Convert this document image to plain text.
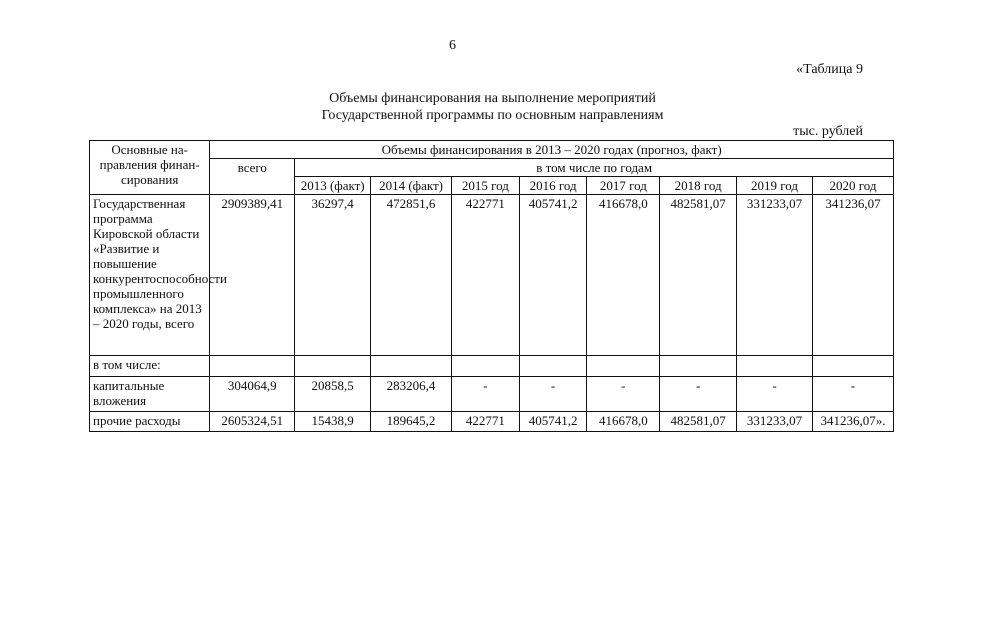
6
«Таблица 9
Объемы финансирования на выполнение мероприятий
Государственной программы по основным направлениям
тыс. рублей
Основные на-правления финан-сирования	Объемы финансирования в 2013 – 2020 годах (прогноз, факт)								
	всего	в том числе по годам							
		2013 (факт)	2014 (факт)	2015 год	2016 год	2017 год	2018 год	2019 год	2020 год
Государственная программа Кировской области «Развитие и повышение конкурентоспособности промышленного комплекса» на 2013 – 2020 годы, всего	2909389,41	36297,4	472851,6	422771	405741,2	416678,0	482581,07	331233,07	341236,07
в том числе:									
капитальные вложения	304064,9	20858,5	283206,4	-	-	-	-	-	-
прочие расходы	2605324,51	15438,9	189645,2	422771	405741,2	416678,0	482581,07	331233,07	341236,07».
